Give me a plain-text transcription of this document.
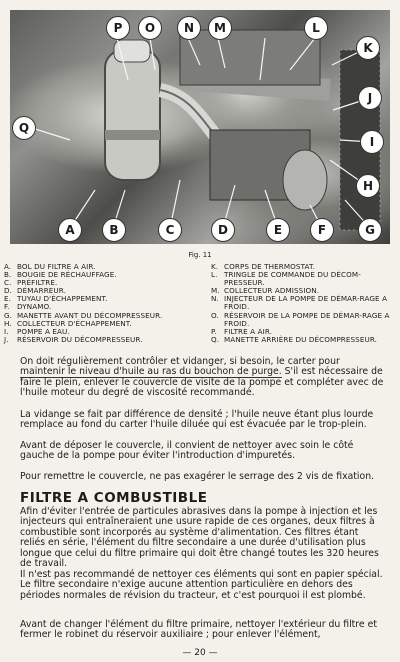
P	O	N	M	L
K
J
I
H
Q
A	B	C	D	E	F	G
Fig. 11
A. BOL DU FILTRE A AIR.
B. BOUGIE DE RÉCHAUFFAGE.
C. PRÉFILTRE.
D. DÉMARREUR.
E. TUYAU D'ÉCHAPPEMENT.
F.	DYNAMO.
G. MANETTE AVANT DU DÉCOMPRESSEUR.
H. COLLECTEUR D'ÉCHAPPEMENT.
I.	POMPE A EAU.
J.	RÉSERVOIR DU DÉCOMPRESSEUR.
K. CORPS DE THERMOSTAT.
L. TRINGLE DE COMMANDE DU DÉCOM-PRESSEUR.
M. COLLECTEUR ADMISSION.
N. INJECTEUR DE LA POMPE DE DÉMAR-RAGE A FROID.
O. RÉSERVOIR DE LA POMPE DE DÉMAR-RAGE A FROID.
P.	FILTRE A AIR.
Q. MANETTE ARRIÈRE DU DÉCOMPRESSEUR.
On doit régulièrement contrôler et vidanger, si besoin, le carter pour maintenir le niveau d'huile au ras du bouchon de purge. S'il est nécessaire de faire le plein, enlever le couvercle de visite de la pompe et compléter avec de l'huile moteur du degré de viscosité recommandé.
La vidange se fait par différence de densité ; l'huile neuve étant plus lourde remplace au fond du carter l'huile diluée qui est évacuée par le trop-plein.
Avant de déposer le couvercle, il convient de nettoyer avec soin le côté gauche de la pompe pour éviter l'introduction d'impuretés.
Pour remettre le couvercle, ne pas exagérer le serrage des 2 vis de fixation.
FILTRE A COMBUSTIBLE
Afin d'éviter l'entrée de particules abrasives dans la pompe à injection et les injecteurs qui entraîneraient une usure rapide de ces organes, deux filtres à combustible sont incorporés au système d'alimentation. Ces filtres étant reliés en série, l'élément du filtre secondaire a une durée d'utilisation plus longue que celui du filtre primaire qui doit être changé toutes les 320 heures de travail.
Il n'est pas recommandé de nettoyer ces éléments qui sont en papier spécial. Le filtre secondaire n'exige aucune attention particulière en dehors des périodes normales de révision du tracteur, et c'est pourquoi il est plombé.
Avant de changer l'élément du filtre primaire, nettoyer l'extérieur du filtre et fermer le robinet du réservoir auxiliaire ; pour enlever l'élément,
— 20 —
